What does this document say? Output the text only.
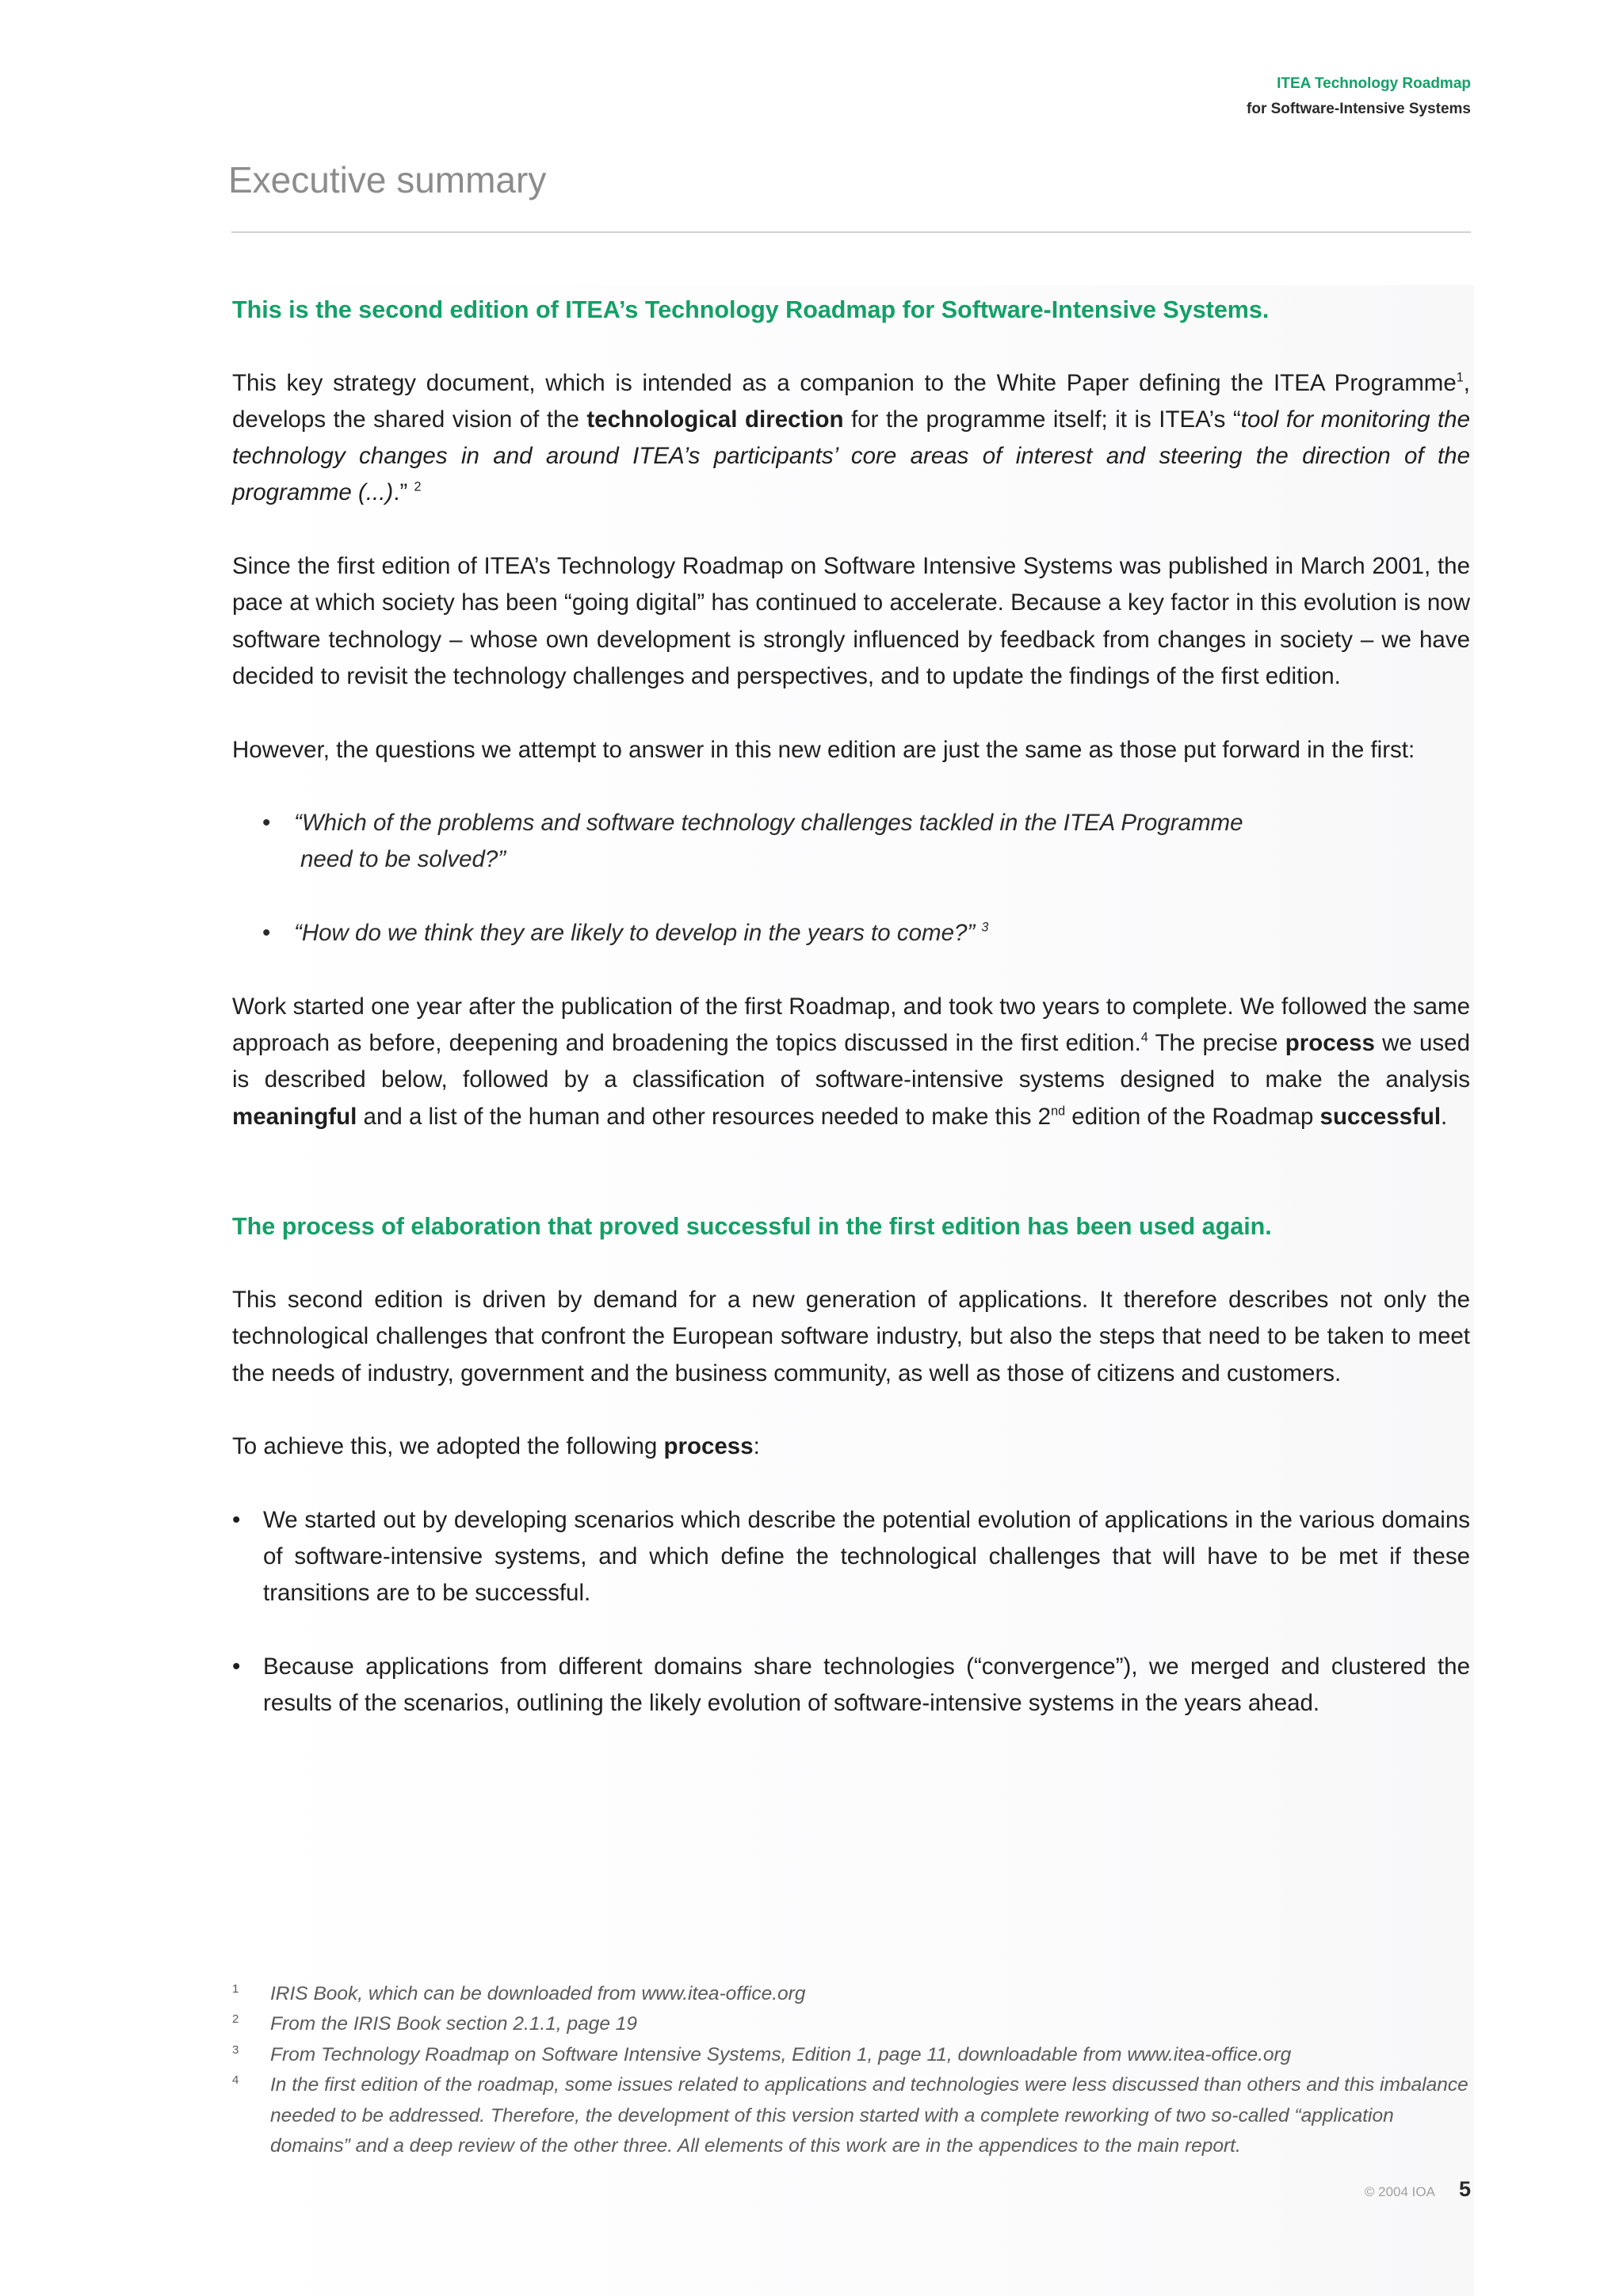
ITEA Technology Roadmap
for Software-Intensive Systems
Executive summary

This is the second edition of ITEA’s Technology Roadmap for Software-Intensive Systems.

This key strategy document, which is intended as a companion to the White Paper defining the ITEA Programme$^1$, develops the shared vision of the technological direction for the programme itself; it is ITEA’s “tool for monitoring the technology changes in and around ITEA’s participants’ core areas of interest and steering the direction of the programme (...).” $^2$

Since the first edition of ITEA’s Technology Roadmap on Software Intensive Systems was published in March 2001, the pace at which society has been “going digital” has continued to accelerate. Because a key factor in this evolution is now software technology – whose own development is strongly influenced by feedback from changes in society – we have decided to revisit the technology challenges and perspectives, and to update the findings of the first edition.

However, the questions we attempt to answer in this new edition are just the same as those put forward in the first:

• “Which of the problems and software technology challenges tackled in the ITEA Programme

need to be solved?”
• “How do we think they are likely to develop in the years to come?” $^3$

Work started one year after the publication of the first Roadmap, and took two years to complete. We followed the same approach as before, deepening and broadening the topics discussed in the first edition.$^4$ The precise process we used is described below, followed by a classification of software-intensive systems designed to make the analysis meaningful and a list of the human and other resources needed to make this 2nd edition of the Roadmap successful.

The process of elaboration that proved successful in the first edition has been used again.

This second edition is driven by demand for a new generation of applications. It therefore describes not only the technological challenges that confront the European software industry, but also the steps that need to be taken to meet the needs of industry, government and the business community, as well as those of citizens and customers.

To achieve this, we adopted the following process:

• We started out by developing scenarios which describe the potential evolution of applications in the various domains of software-intensive systems, and which define the technological challenges that will have to be met if these transitions are to be successful.
• Because applications from different domains share technologies (“convergence”), we merged and clustered the results of the scenarios, outlining the likely evolution of software-intensive systems in the years ahead.
1 IRIS Book, which can be downloaded from www.itea-office.org
2 From the IRIS Book section 2.1.1, page 19
3 From Technology Roadmap on Software Intensive Systems, Edition 1, page 11, downloadable from www.itea-office.org
4 In the first edition of the roadmap, some issues related to applications and technologies were less discussed than others and this imbalance needed to be addressed. Therefore, the development of this version started with a complete reworking of two so-called “application domains” and a deep review of the other three. All elements of this work are in the appendices to the main report.
© 2004 IOA 5
